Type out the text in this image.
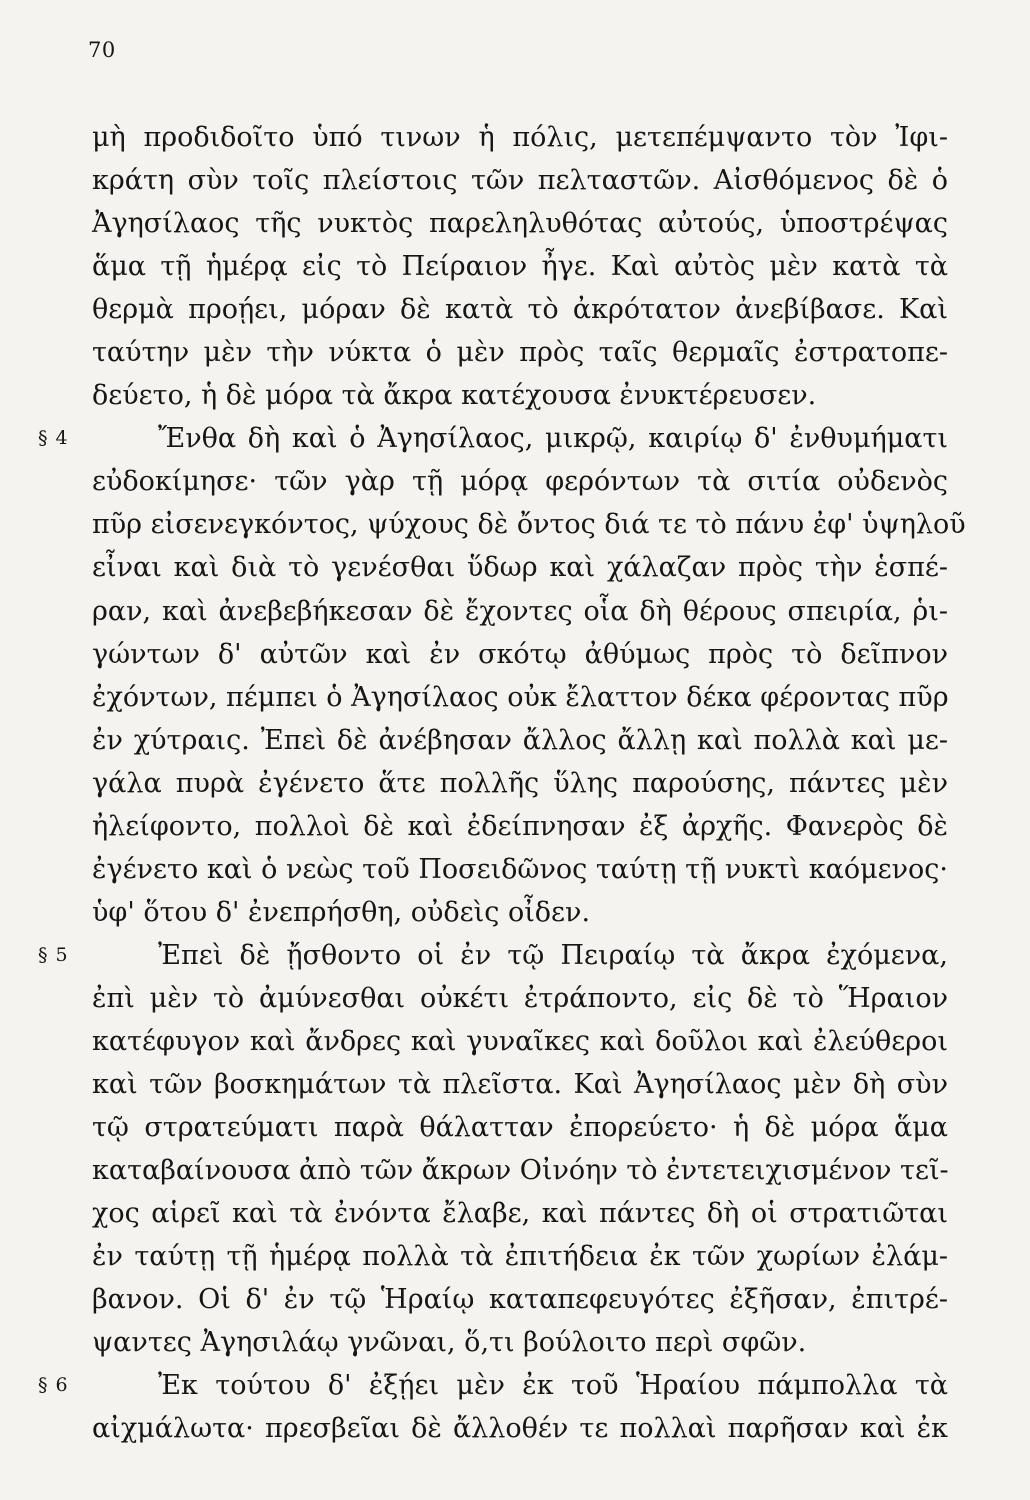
70
μὴ προδιδοῖτο ὑπό τινων ἡ πόλις, μετεπέμψαντο τὸν Ἰφι-
κράτη σὺν τοῖς πλείστοις τῶν πελταστῶν. Αἰσθόμενος δὲ ὁ
Ἀγησίλαος τῆς νυκτὸς παρεληλυθότας αὐτούς, ὑποστρέψας
ἅμα τῇ ἡμέρᾳ εἰς τὸ Πείραιον ἦγε. Καὶ αὐτὸς μὲν κατὰ τὰ
θερμὰ προῄει, μόραν δὲ κατὰ τὸ ἀκρότατον ἀνεβίβασε. Καὶ
ταύτην μὲν τὴν νύκτα ὁ μὲν πρὸς ταῖς θερμαῖς ἐστρατοπε-
δεύετο, ἡ δὲ μόρα τὰ ἄκρα κατέχουσα ἐνυκτέρευσεν.
§ 4	Ἔνθα δὴ καὶ ὁ Ἀγησίλαος, μικρῷ, καιρίῳ δ' ἐνθυμήματι
εὐδοκίμησε· τῶν γὰρ τῇ μόρᾳ φερόντων τὰ σιτία οὐδενὸς
πῦρ εἰσενεγκόντος, ψύχους δὲ ὄντος διά τε τὸ πάνυ ἐφ' ὑψηλοῦ
εἶναι καὶ διὰ τὸ γενέσθαι ὕδωρ καὶ χάλαζαν πρὸς τὴν ἑσπέ-
ραν, καὶ ἀνεβεβήκεσαν δὲ ἔχοντες οἷα δὴ θέρους σπειρία, ῥι-
γώντων δ' αὐτῶν καὶ ἐν σκότῳ ἀθύμως πρὸς τὸ δεῖπνον
ἐχόντων, πέμπει ὁ Ἀγησίλαος οὐκ ἔλαττον δέκα φέροντας πῦρ
ἐν χύτραις. Ἐπεὶ δὲ ἀνέβησαν ἄλλος ἄλλῃ καὶ πολλὰ καὶ με-
γάλα πυρὰ ἐγένετο ἅτε πολλῆς ὕλης παρούσης, πάντες μὲν
ἠλείφοντο, πολλοὶ δὲ καὶ ἐδείπνησαν ἐξ ἀρχῆς. Φανερὸς δὲ
ἐγένετο καὶ ὁ νεὼς τοῦ Ποσειδῶνος ταύτῃ τῇ νυκτὶ καόμενος·
ὑφ' ὅτου δ' ἐνεπρήσθη, οὐδεὶς οἶδεν.
§ 5	Ἐπεὶ δὲ ᾔσθοντο οἱ ἐν τῷ Πειραίῳ τὰ ἄκρα ἐχόμενα,
ἐπὶ μὲν τὸ ἀμύνεσθαι οὐκέτι ἐτράποντο, εἰς δὲ τὸ Ἥραιον
κατέφυγον καὶ ἄνδρες καὶ γυναῖκες καὶ δοῦλοι καὶ ἐλεύθεροι
καὶ τῶν βοσκημάτων τὰ πλεῖστα. Καὶ Ἀγησίλαος μὲν δὴ σὺν
τῷ στρατεύματι παρὰ θάλατταν ἐπορεύετο· ἡ δὲ μόρα ἅμα
καταβαίνουσα ἀπὸ τῶν ἄκρων Οἰνόην τὸ ἐντετειχισμένον τεῖ-
χος αἱρεῖ καὶ τὰ ἐνόντα ἔλαβε, καὶ πάντες δὴ οἱ στρατιῶται
ἐν ταύτῃ τῇ ἡμέρᾳ πολλὰ τὰ ἐπιτήδεια ἐκ τῶν χωρίων ἐλάμ-
βανον. Οἱ δ' ἐν τῷ Ἡραίῳ καταπεφευγότες ἐξῆσαν, ἐπιτρέ-
ψαντες Ἀγησιλάῳ γνῶναι, ὅ,τι βούλοιτο περὶ σφῶν.
§ 6	Ἐκ τούτου δ' ἐξῄει μὲν ἐκ τοῦ Ἡραίου πάμπολλα τὰ
αἰχμάλωτα· πρεσβεῖαι δὲ ἄλλοθέν τε πολλαὶ παρῆσαν καὶ ἐκ
